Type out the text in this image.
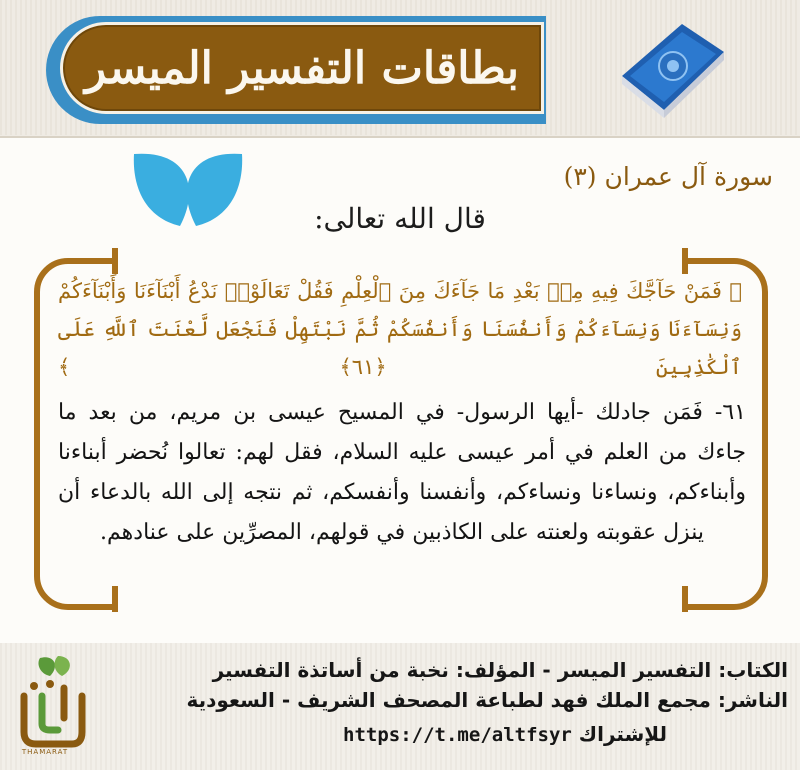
بطاقات التفسير الميسر
سورة آل عمران (٣)
قال الله تعالى:
﴿ فَمَنْ حَآجَّكَ فِيهِ مِنۢ بَعْدِ مَا جَآءَكَ مِنَ ٱلْعِلْمِ فَقُلْ تَعَالَوْا۟ نَدْعُ أَبْنَآءَنَا وَأَبْنَآءَكُمْ
وَنِسَآءَنَا وَنِسَآءَكُمْ وَأَنفُسَنَا وَأَنفُسَكُمْ ثُمَّ نَبْتَهِلْ فَنَجْعَل لَّعْنَتَ ٱللَّهِ عَلَى ٱلْكَٰذِبِينَ ﴿٦١﴾ ﴾
٦١- فَمَن جادلك -أيها الرسول- في المسيح عيسى بن مريم، من بعد ما
جاءك من العلم في أمر عيسى عليه السلام، فقل لهم: تعالوا نُحضر أبناءنا
وأبناءكم، ونساءنا ونساءكم، وأنفسنا وأنفسكم، ثم نتجه إلى الله بالدعاء أن
ينزل عقوبته ولعنته على الكاذبين في قولهم، المصرِّين على عنادهم.
THAMARAT
الكتاب: التفسير الميسر - المؤلف: نخبة من أساتذة التفسير
الناشر: مجمع الملك فهد لطباعة المصحف الشريف - السعودية
للإشتراك https://t.me/altfsyr
